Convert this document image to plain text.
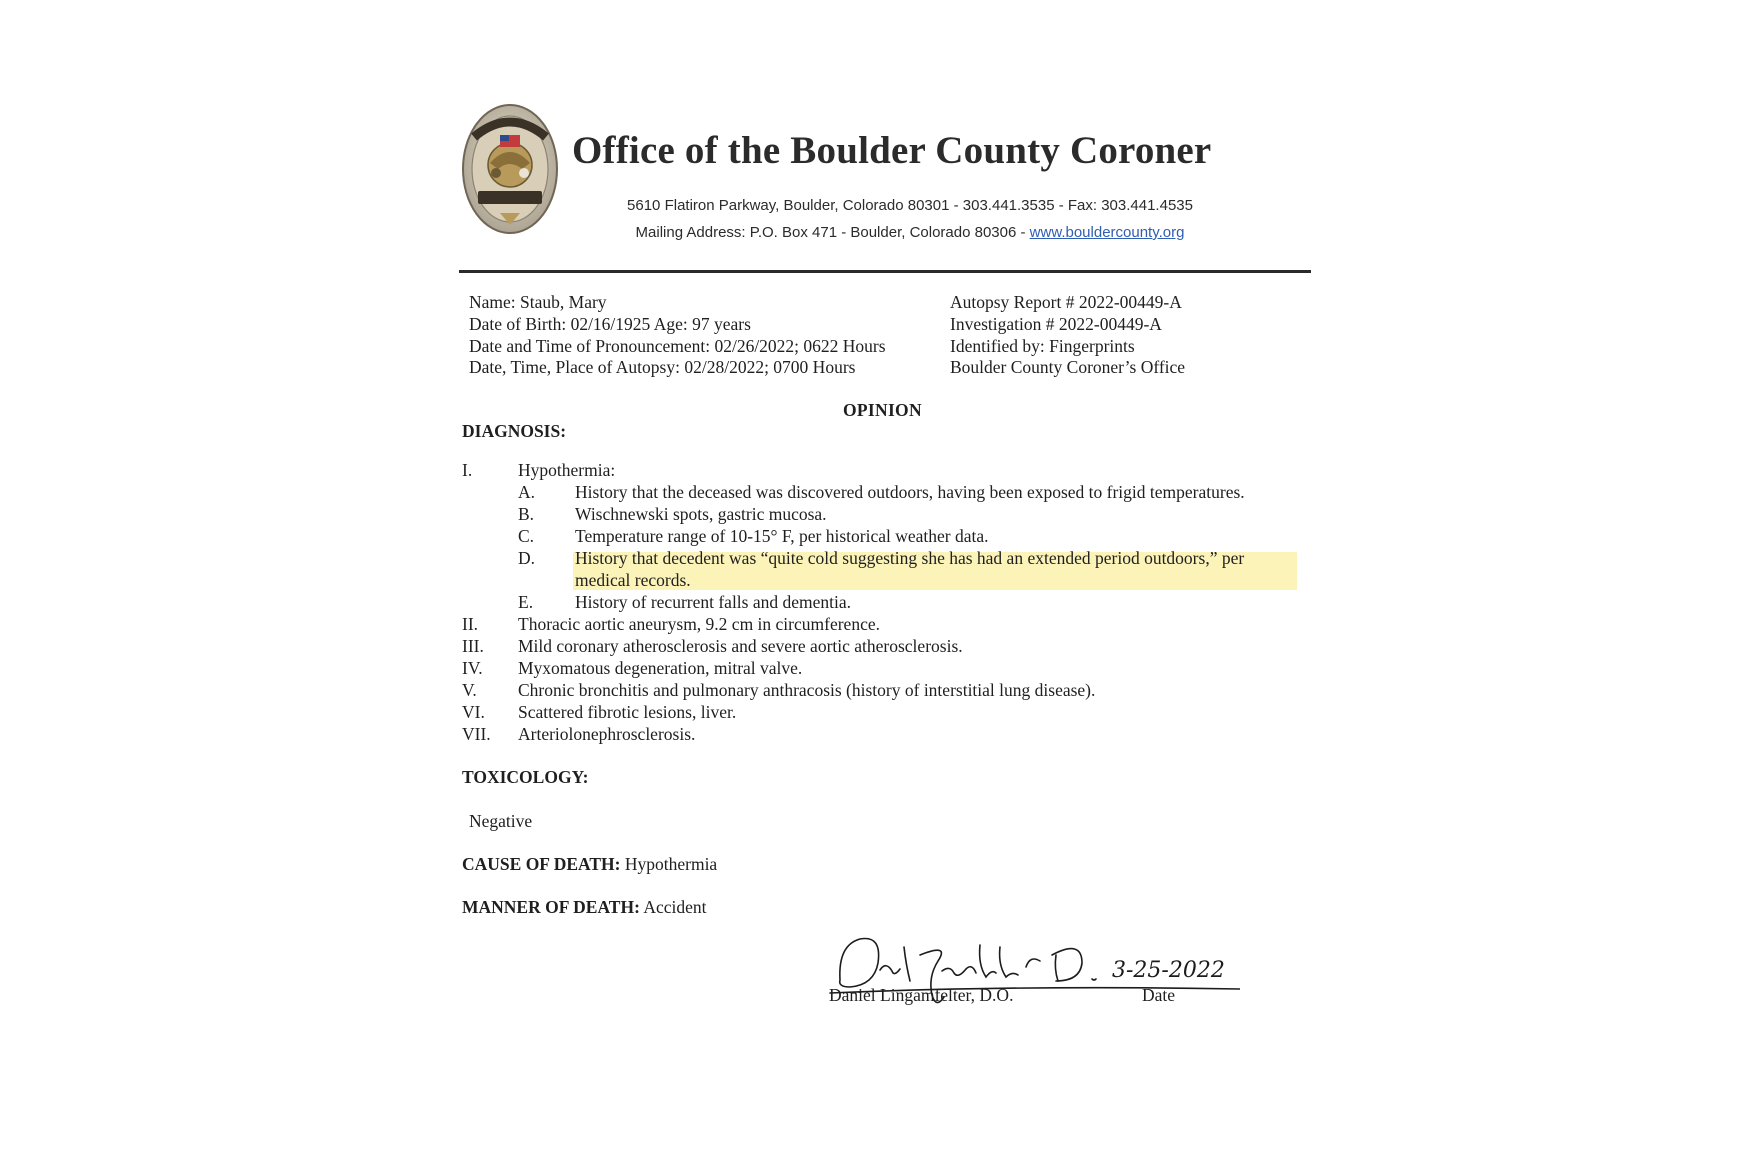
Office of the Boulder County Coroner
5610 Flatiron Parkway, Boulder, Colorado 80301 - 303.441.3535 - Fax: 303.441.4535
Mailing Address: P.O. Box 471 - Boulder, Colorado 80306 - www.bouldercounty.org
Name: Staub, Mary
Date of Birth: 02/16/1925 Age: 97 years
Date and Time of Pronouncement: 02/26/2022; 0622 Hours
Date, Time, Place of Autopsy: 02/28/2022; 0700 Hours
Autopsy Report # 2022-00449-A
Investigation # 2022-00449-A
Identified by: Fingerprints
Boulder County Coroner’s Office
OPINION
DIAGNOSIS:
I.	Hypothermia:
A. History that the deceased was discovered outdoors, having been exposed to frigid temperatures.
B. Wischnewski spots, gastric mucosa.
C. Temperature range of 10-15° F, per historical weather data.
D. History that decedent was “quite cold suggesting she has had an extended period outdoors,” per
medical records.
E. History of recurrent falls and dementia.
II. Thoracic aortic aneurysm, 9.2 cm in circumference.
III. Mild coronary atherosclerosis and severe aortic atherosclerosis.
IV. Myxomatous degeneration, mitral valve.
V. Chronic bronchitis and pulmonary anthracosis (history of interstitial lung disease).
VI. Scattered fibrotic lesions, liver.
VII. Arteriolonephrosclerosis.
TOXICOLOGY:
Negative
CAUSE OF DEATH: Hypothermia
MANNER OF DEATH: Accident
3-25-2022
Daniel Lingamfelter, D.O.	Date
